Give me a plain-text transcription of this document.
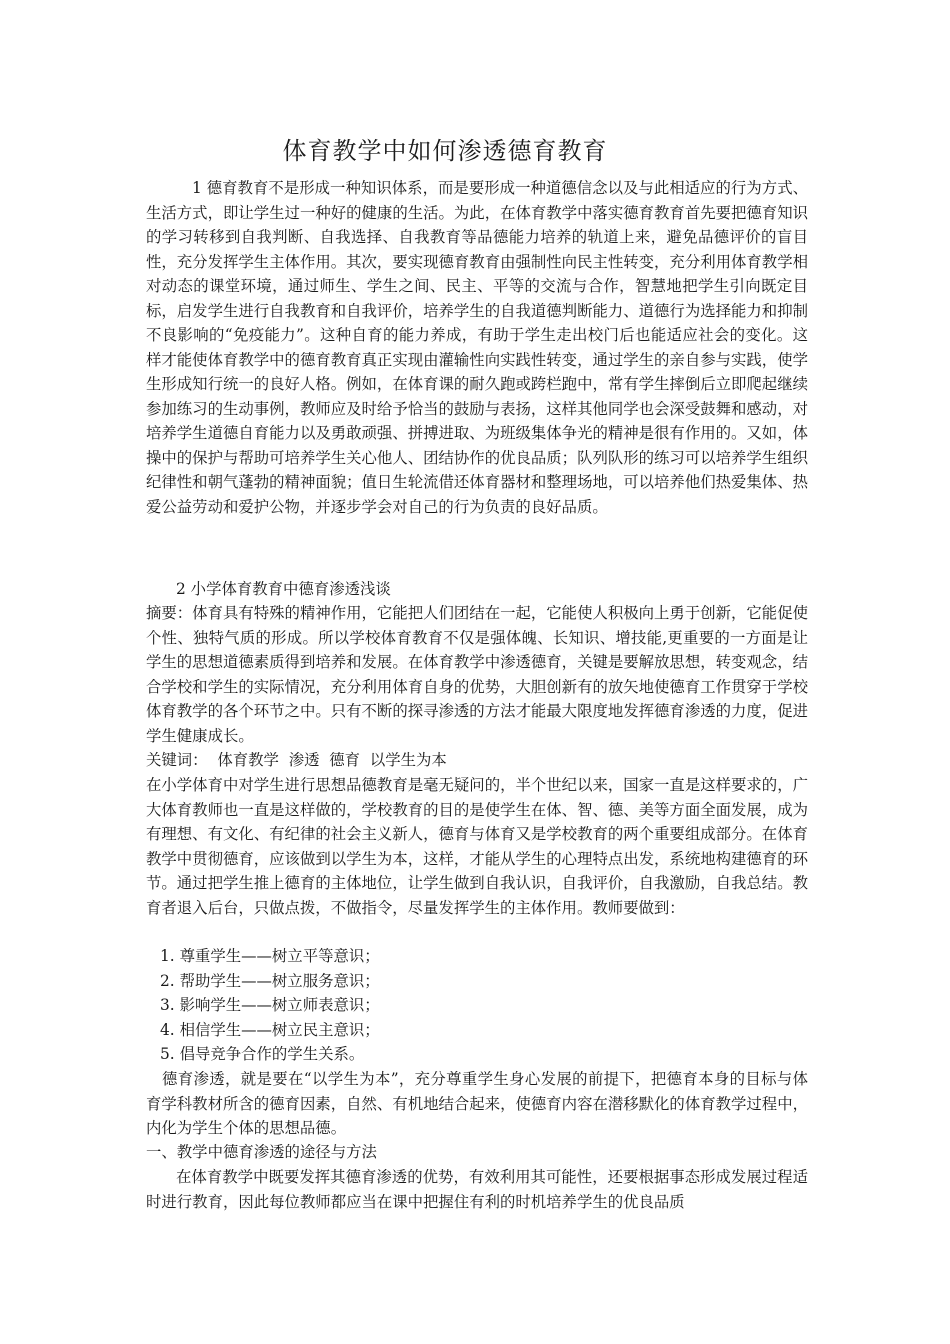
体育教学中如何渗透德育教育
1 德育教育不是形成一种知识体系，而是要形成一种道德信念以及与此相适应的行为方式、生活方式，即让学生过一种好的健康的生活。为此，在体育教学中落实德育教育首先要把德育知识的学习转移到自我判断、自我选择、自我教育等品德能力培养的轨道上来，避免品德评价的盲目性，充分发挥学生主体作用。其次，要实现德育教育由强制性向民主性转变，充分利用体育教学相对动态的课堂环境，通过师生、学生之间、民主、平等的交流与合作，智慧地把学生引向既定目标，启发学生进行自我教育和自我评价，培养学生的自我道德判断能力、道德行为选择能力和抑制不良影响的“免疫能力”。这种自育的能力养成，有助于学生走出校门后也能适应社会的变化。这样才能使体育教学中的德育教育真正实现由灌输性向实践性转变，通过学生的亲自参与实践，使学生形成知行统一的良好人格。例如，在体育课的耐久跑或跨栏跑中，常有学生摔倒后立即爬起继续参加练习的生动事例，教师应及时给予恰当的鼓励与表扬，这样其他同学也会深受鼓舞和感动，对培养学生道德自育能力以及勇敢顽强、拼搏进取、为班级集体争光的精神是很有作用的。又如，体操中的保护与帮助可培养学生关心他人、团结协作的优良品质；队列队形的练习可以培养学生组织纪律性和朝气蓬勃的精神面貌；值日生轮流借还体育器材和整理场地，可以培养他们热爱集体、热爱公益劳动和爱护公物，并逐步学会对自己的行为负责的良好品质。
2 小学体育教育中德育渗透浅谈
摘要：体育具有特殊的精神作用，它能把人们团结在一起，它能使人积极向上勇于创新，它能促使个性、独特气质的形成。所以学校体育教育不仅是强体魄、长知识、增技能,更重要的一方面是让学生的思想道德素质得到培养和发展。在体育教学中渗透德育，关键是要解放思想，转变观念，结合学校和学生的实际情况，充分利用体育自身的优势，大胆创新有的放矢地使德育工作贯穿于学校体育教学的各个环节之中。只有不断的探寻渗透的方法才能最大限度地发挥德育渗透的力度，促进学生健康成长。
关键词：  体育教学  渗透  德育  以学生为本
在小学体育中对学生进行思想品德教育是毫无疑问的，半个世纪以来，国家一直是这样要求的，广大体育教师也一直是这样做的，学校教育的目的是使学生在体、智、德、美等方面全面发展，成为有理想、有文化、有纪律的社会主义新人，德育与体育又是学校教育的两个重要组成部分。在体育教学中贯彻德育，应该做到以学生为本，这样，才能从学生的心理特点出发，系统地构建德育的环节。通过把学生推上德育的主体地位，让学生做到自我认识，自我评价，自我激励，自我总结。教育者退入后台，只做点拨，不做指令，尽量发挥学生的主体作用。教师要做到：
1. 尊重学生——树立平等意识；
2. 帮助学生——树立服务意识；
3. 影响学生——树立师表意识；
4. 相信学生——树立民主意识；
5. 倡导竞争合作的学生关系。
德育渗透，就是要在“以学生为本”，充分尊重学生身心发展的前提下，把德育本身的目标与体育学科教材所含的德育因素，自然、有机地结合起来，使德育内容在潜移默化的体育教学过程中，内化为学生个体的思想品德。
一、教学中德育渗透的途径与方法
在体育教学中既要发挥其德育渗透的优势，有效利用其可能性，还要根据事态形成发展过程适时进行教育，因此每位教师都应当在课中把握住有利的时机培养学生的优良品质
